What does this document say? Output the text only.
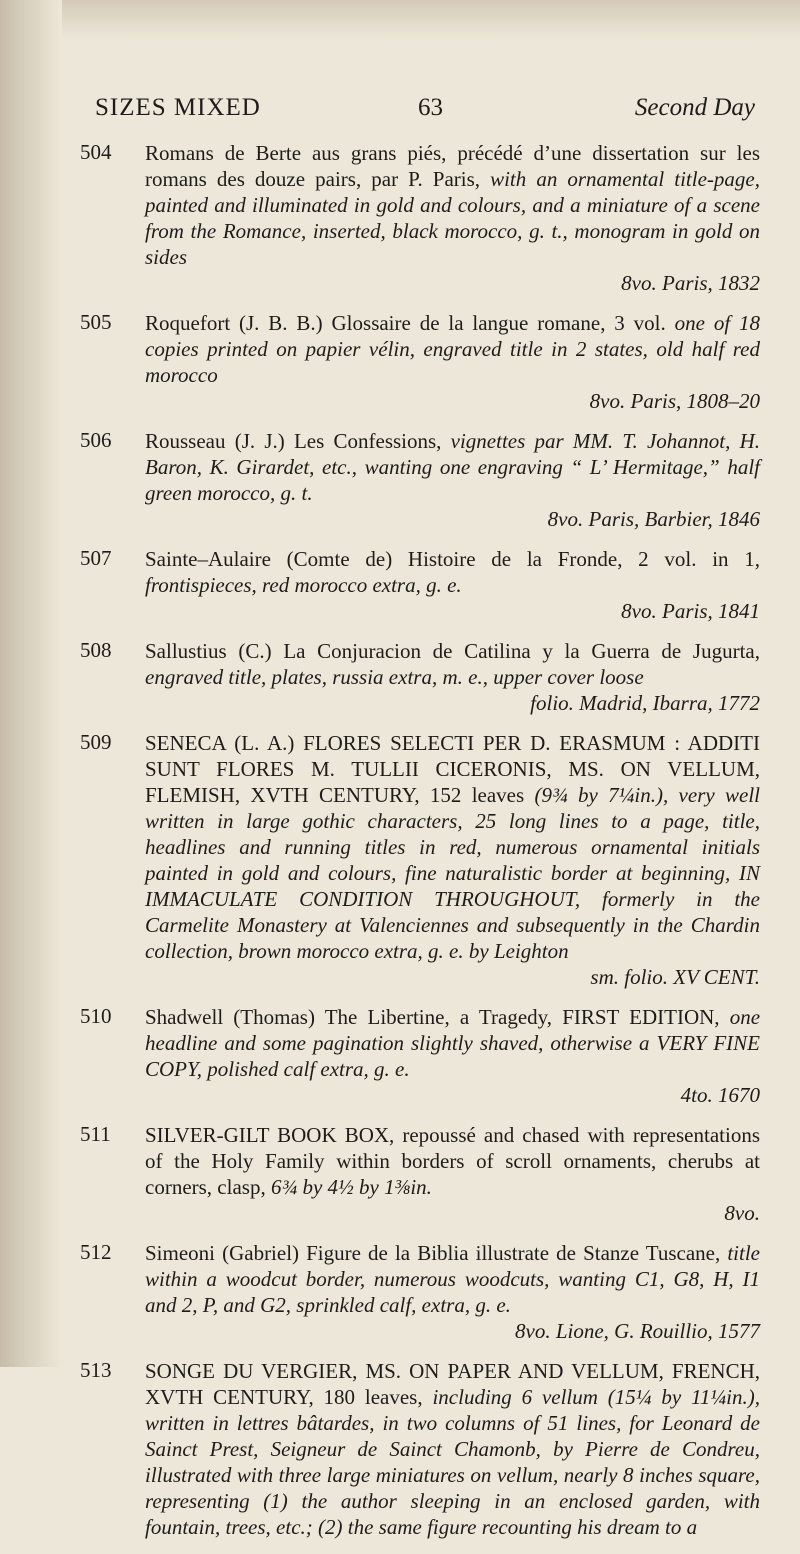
SIZES MIXED	63	Second Day
504	Romans de Berte aus grans piés, précédé d’une dissertation sur les romans des douze pairs, par P. Paris, with an ornamental title-page, painted and illuminated in gold and colours, and a miniature of a scene from the Romance, inserted, black morocco, g. t., monogram in gold on sides
8vo. Paris, 1832
505	Roquefort (J. B. B.) Glossaire de la langue romane, 3 vol. one of 18 copies printed on papier vélin, engraved title in 2 states, old half red morocco
8vo. Paris, 1808–20
506	Rousseau (J. J.) Les Confessions, vignettes par MM. T. Johannot, H. Baron, K. Girardet, etc., wanting one engraving “ L’ Hermitage,” half green morocco, g. t.
8vo. Paris, Barbier, 1846
507	Sainte–Aulaire (Comte de) Histoire de la Fronde, 2 vol. in 1, frontispieces, red morocco extra, g. e.
8vo. Paris, 1841
508	Sallustius (C.) La Conjuracion de Catilina y la Guerra de Jugurta, engraved title, plates, russia extra, m. e., upper cover loose
folio. Madrid, Ibarra, 1772
509	SENECA (L. A.) FLORES SELECTI PER D. ERASMUM : ADDITI SUNT FLORES M. TULLII CICERONIS, MS. ON VELLUM, FLEMISH, XVTH CENTURY, 152 leaves (9¾ by 7¼in.), very well written in large gothic characters, 25 long lines to a page, title, headlines and running titles in red, numerous ornamental initials painted in gold and colours, fine naturalistic border at beginning, IN IMMACULATE CONDITION THROUGHOUT, formerly in the Carmelite Monastery at Valenciennes and subsequently in the Chardin collection, brown morocco extra, g. e. by Leighton
sm. folio. XV CENT.
510	Shadwell (Thomas) The Libertine, a Tragedy, FIRST EDITION, one headline and some pagination slightly shaved, otherwise a VERY FINE COPY, polished calf extra, g. e.
4to. 1670
511	SILVER-GILT BOOK BOX, repoussé and chased with representations of the Holy Family within borders of scroll ornaments, cherubs at corners, clasp, 6¾ by 4½ by 1⅜in.
8vo.
512	Simeoni (Gabriel) Figure de la Biblia illustrate de Stanze Tuscane, title within a woodcut border, numerous woodcuts, wanting C1, G8, H, I1 and 2, P, and G2, sprinkled calf, extra, g. e.
8vo. Lione, G. Rouillio, 1577
513	SONGE DU VERGIER, MS. ON PAPER AND VELLUM, FRENCH, XVTH CENTURY, 180 leaves, including 6 vellum (15¼ by 11¼in.), written in lettres bâtardes, in two columns of 51 lines, for Leonard de Sainct Prest, Seigneur de Sainct Chamonb, by Pierre de Condreu, illustrated with three large miniatures on vellum, nearly 8 inches square, representing (1) the author sleeping in an enclosed garden, with fountain, trees, etc.; (2) the same figure recounting his dream to a
